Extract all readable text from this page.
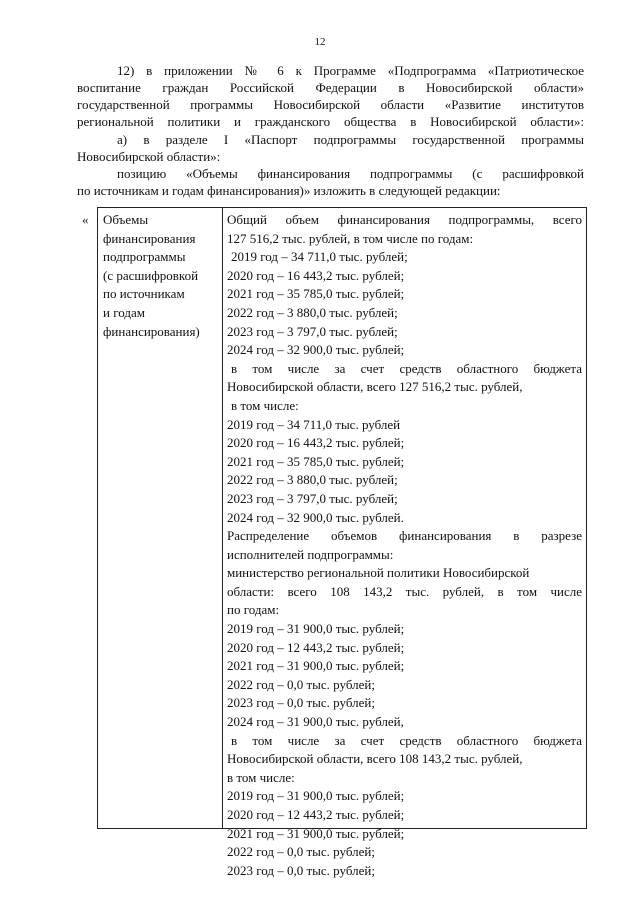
12
12) в приложении № 6 к Программе «Подпрограмма «Патриотическое
воспитание граждан Российской Федерации в Новосибирской области»
государственной программы Новосибирской области «Развитие институтов
региональной политики и гражданского общества в Новосибирской области»:
а) в разделе I «Паспорт подпрограммы государственной программы
Новосибирской области»:
позицию «Объемы финансирования подпрограммы (с расшифровкой
по источникам и годам финансирования)» изложить в следующей редакции:
« Объемы
финансирования
подпрограммы
(с расшифровкой
по источникам
и годам
финансирования)
Общий объем финансирования подпрограммы, всего
127 516,2 тыс. рублей, в том числе по годам:
2019 год – 34 711,0 тыс. рублей;
2020 год – 16 443,2 тыс. рублей;
2021 год – 35 785,0 тыс. рублей;
2022 год – 3 880,0 тыс. рублей;
2023 год – 3 797,0 тыс. рублей;
2024 год – 32 900,0 тыс. рублей;
в том числе за счет средств областного бюджета
Новосибирской области, всего 127 516,2 тыс. рублей,
в том числе:
2019 год – 34 711,0 тыс. рублей
2020 год – 16 443,2 тыс. рублей;
2021 год – 35 785,0 тыс. рублей;
2022 год – 3 880,0 тыс. рублей;
2023 год – 3 797,0 тыс. рублей;
2024 год – 32 900,0 тыс. рублей.
Распределение объемов финансирования в разрезе
исполнителей подпрограммы:
министерство региональной политики Новосибирской
области: всего 108 143,2 тыс. рублей, в том числе
по годам:
2019 год – 31 900,0 тыс. рублей;
2020 год – 12 443,2 тыс. рублей;
2021 год – 31 900,0 тыс. рублей;
2022 год – 0,0 тыс. рублей;
2023 год – 0,0 тыс. рублей;
2024 год – 31 900,0 тыс. рублей,
в том числе за счет средств областного бюджета
Новосибирской области, всего 108 143,2 тыс. рублей,
в том числе:
2019 год – 31 900,0 тыс. рублей;
2020 год – 12 443,2 тыс. рублей;
2021 год – 31 900,0 тыс. рублей;
2022 год – 0,0 тыс. рублей;
2023 год – 0,0 тыс. рублей;
